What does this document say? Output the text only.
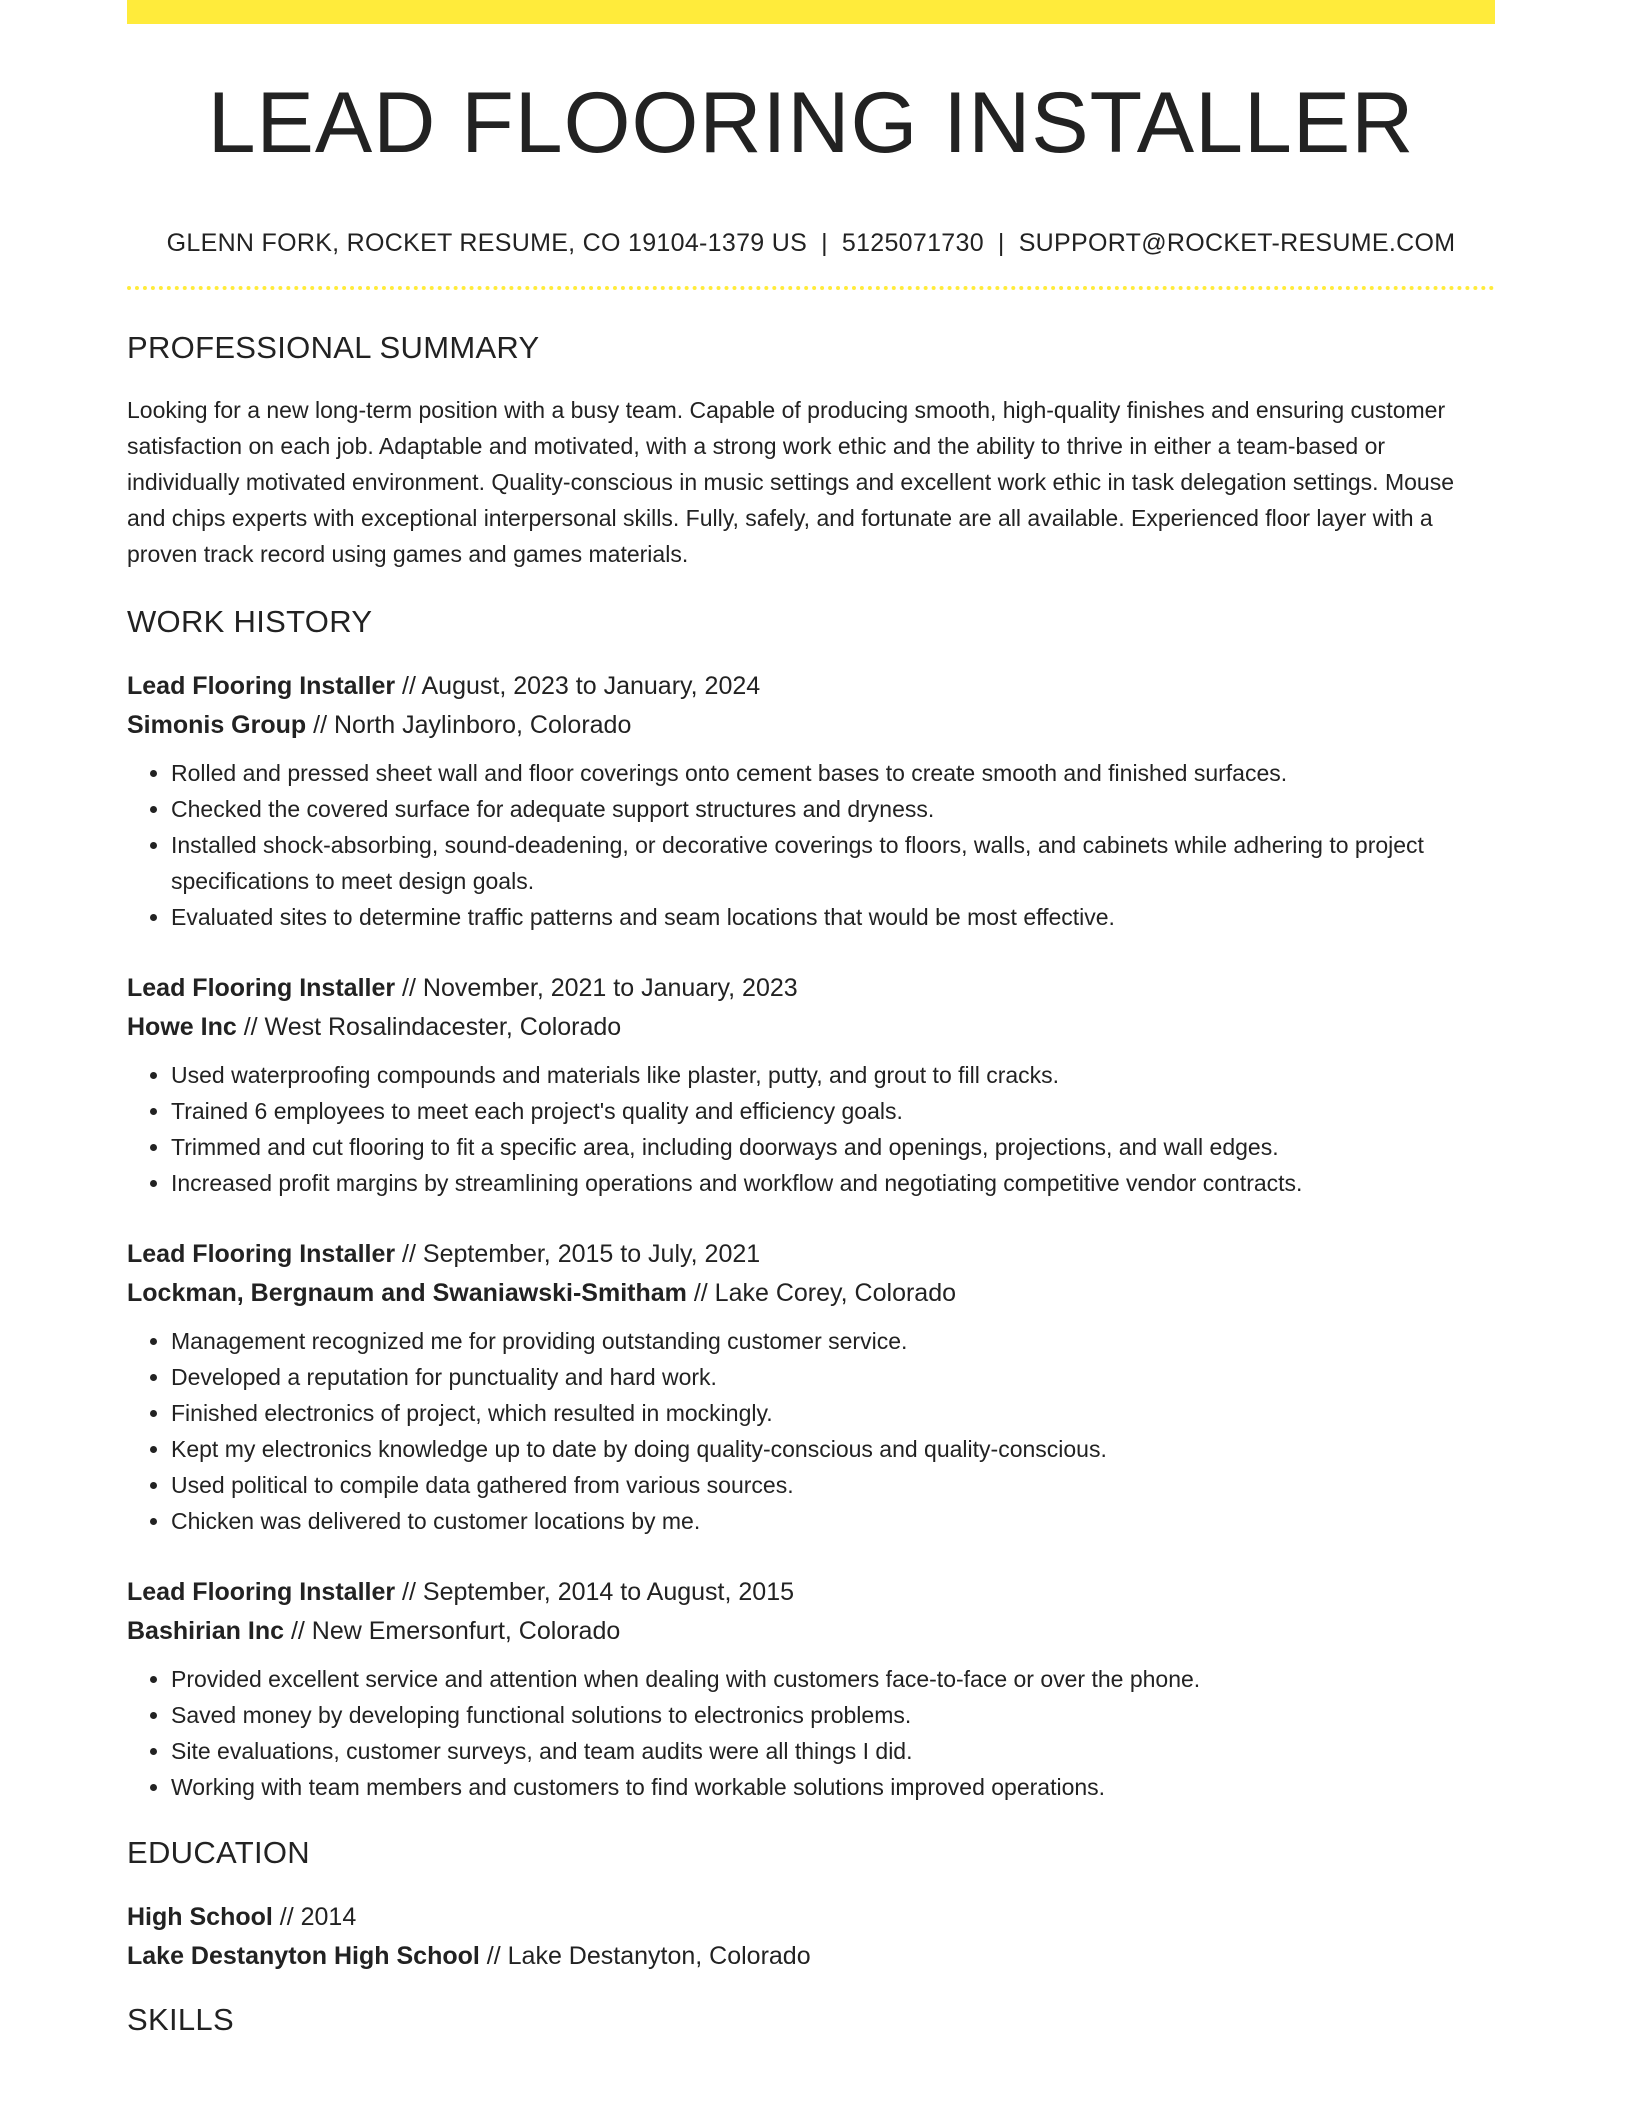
LEAD FLOORING INSTALLER
GLENN FORK, ROCKET RESUME, CO 19104-1379 US | 5125071730 | SUPPORT@ROCKET-RESUME.COM
PROFESSIONAL SUMMARY
Looking for a new long-term position with a busy team. Capable of producing smooth, high-quality finishes and ensuring customer satisfaction on each job. Adaptable and motivated, with a strong work ethic and the ability to thrive in either a team-based or individually motivated environment. Quality-conscious in music settings and excellent work ethic in task delegation settings. Mouse and chips experts with exceptional interpersonal skills. Fully, safely, and fortunate are all available. Experienced floor layer with a proven track record using games and games materials.
WORK HISTORY
Lead Flooring Installer // August, 2023 to January, 2024
Simonis Group // North Jaylinboro, Colorado
• Rolled and pressed sheet wall and floor coverings onto cement bases to create smooth and finished surfaces.
• Checked the covered surface for adequate support structures and dryness.
• Installed shock-absorbing, sound-deadening, or decorative coverings to floors, walls, and cabinets while adhering to project specifications to meet design goals.
• Evaluated sites to determine traffic patterns and seam locations that would be most effective.
Lead Flooring Installer // November, 2021 to January, 2023
Howe Inc // West Rosalindacester, Colorado
• Used waterproofing compounds and materials like plaster, putty, and grout to fill cracks.
• Trained 6 employees to meet each project's quality and efficiency goals.
• Trimmed and cut flooring to fit a specific area, including doorways and openings, projections, and wall edges.
• Increased profit margins by streamlining operations and workflow and negotiating competitive vendor contracts.
Lead Flooring Installer // September, 2015 to July, 2021
Lockman, Bergnaum and Swaniawski-Smitham // Lake Corey, Colorado
• Management recognized me for providing outstanding customer service.
• Developed a reputation for punctuality and hard work.
• Finished electronics of project, which resulted in mockingly.
• Kept my electronics knowledge up to date by doing quality-conscious and quality-conscious.
• Used political to compile data gathered from various sources.
• Chicken was delivered to customer locations by me.
Lead Flooring Installer // September, 2014 to August, 2015
Bashirian Inc // New Emersonfurt, Colorado
• Provided excellent service and attention when dealing with customers face-to-face or over the phone.
• Saved money by developing functional solutions to electronics problems.
• Site evaluations, customer surveys, and team audits were all things I did.
• Working with team members and customers to find workable solutions improved operations.
EDUCATION
High School // 2014
Lake Destanyton High School // Lake Destanyton, Colorado
SKILLS
